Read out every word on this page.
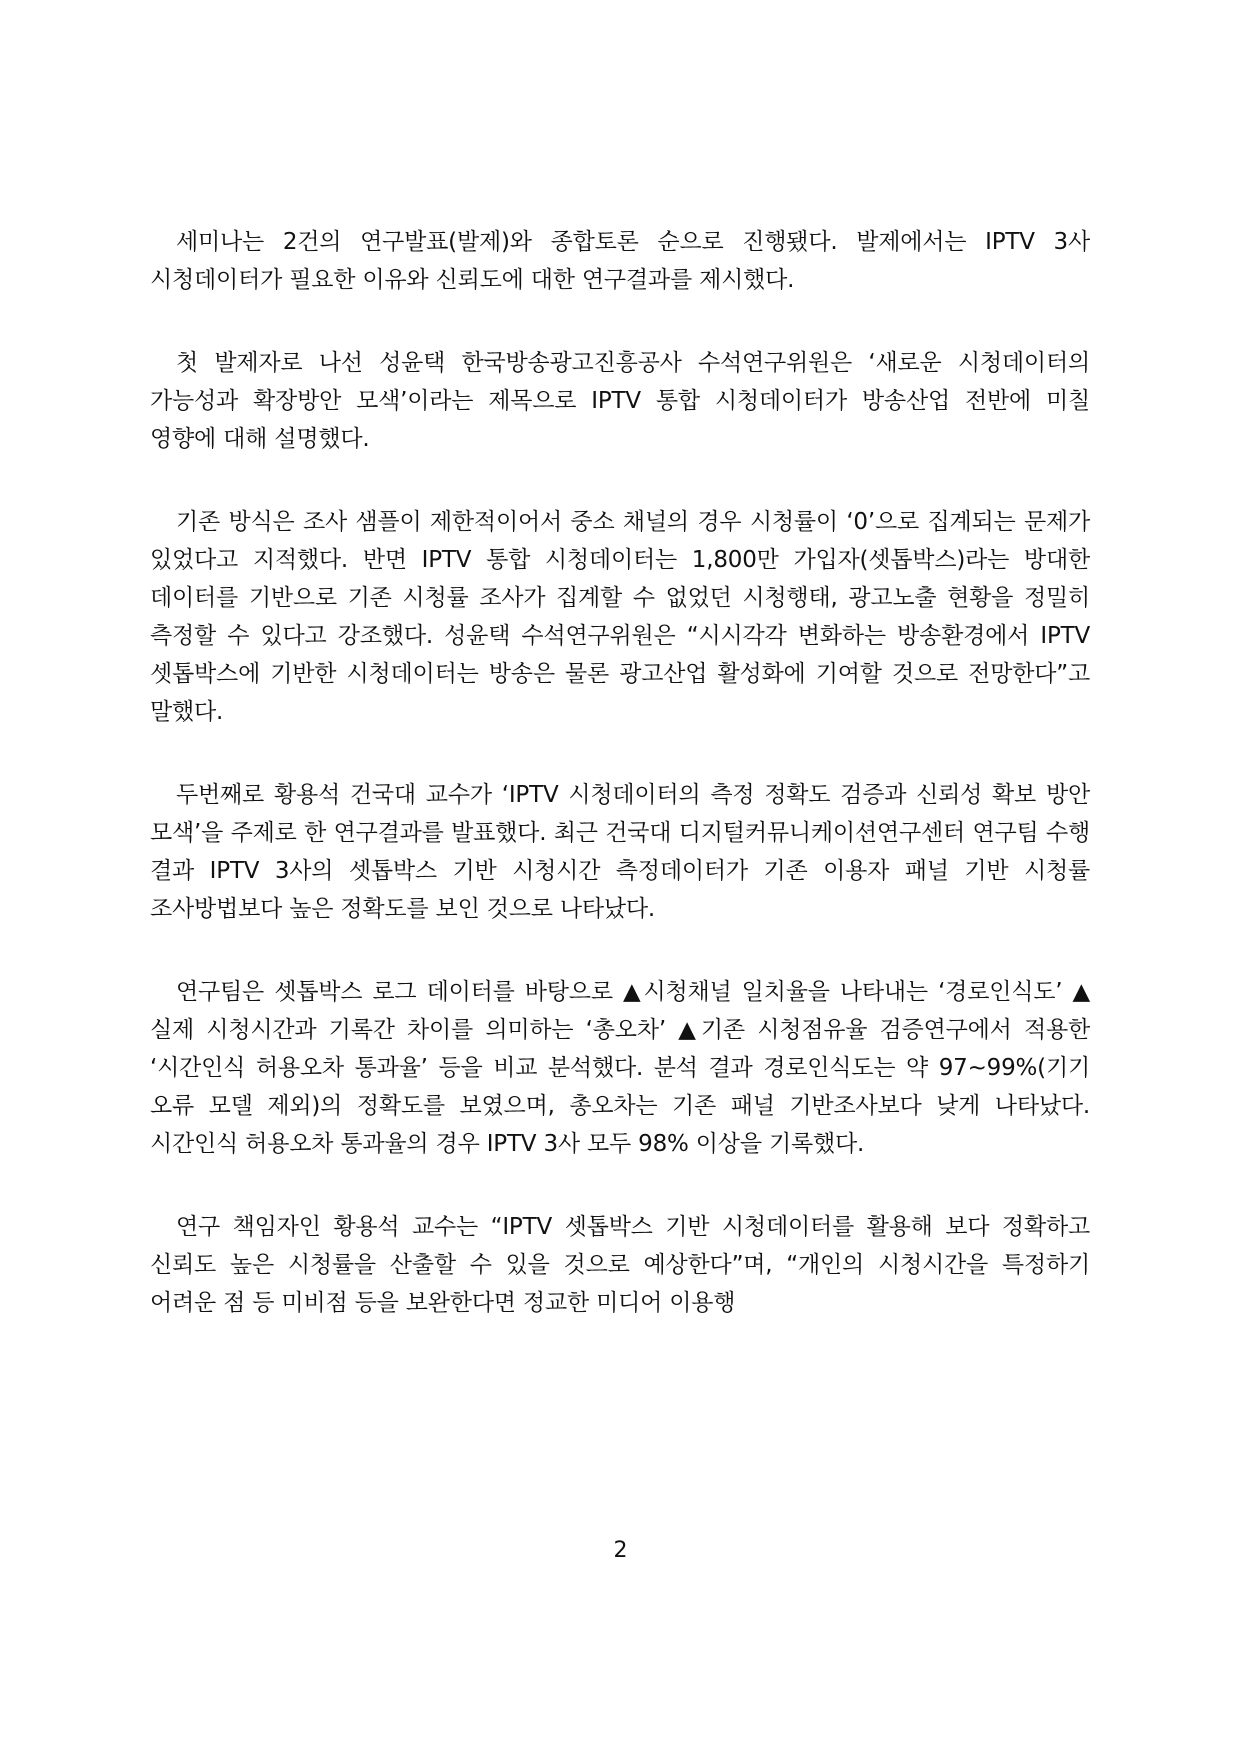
세미나는 2건의 연구발표(발제)와 종합토론 순으로 진행됐다. 발제에서는 IPTV 3사 시청데이터가 필요한 이유와 신뢰도에 대한 연구결과를 제시했다.

첫 발제자로 나선 성윤택 한국방송광고진흥공사 수석연구위원은 ‘새로운 시청데이터의 가능성과 확장방안 모색’이라는 제목으로 IPTV 통합 시청데이터가 방송산업 전반에 미칠 영향에 대해 설명했다.

기존 방식은 조사 샘플이 제한적이어서 중소 채널의 경우 시청률이 ‘0’으로 집계되는 문제가 있었다고 지적했다. 반면 IPTV 통합 시청데이터는 1,800만 가입자(셋톱박스)라는 방대한 데이터를 기반으로 기존 시청률 조사가 집계할 수 없었던 시청행태, 광고노출 현황을 정밀히 측정할 수 있다고 강조했다. 성윤택 수석연구위원은 “시시각각 변화하는 방송환경에서 IPTV 셋톱박스에 기반한 시청데이터는 방송은 물론 광고산업 활성화에 기여할 것으로 전망한다”고 말했다.

두번째로 황용석 건국대 교수가 ‘IPTV 시청데이터의 측정 정확도 검증과 신뢰성 확보 방안 모색’을 주제로 한 연구결과를 발표했다. 최근 건국대 디지털커뮤니케이션연구센터 연구팀 수행 결과 IPTV 3사의 셋톱박스 기반 시청시간 측정데이터가 기존 이용자 패널 기반 시청률 조사방법보다 높은 정확도를 보인 것으로 나타났다.

연구팀은 셋톱박스 로그 데이터를 바탕으로 ▲시청채널 일치율을 나타내는 ‘경로인식도’ ▲실제 시청시간과 기록간 차이를 의미하는 ‘총오차’ ▲기존 시청점유율 검증연구에서 적용한 ‘시간인식 허용오차 통과율’ 등을 비교 분석했다. 분석 결과 경로인식도는 약 97~99%(기기 오류 모델 제외)의 정확도를 보였으며, 총오차는 기존 패널 기반조사보다 낮게 나타났다. 시간인식 허용오차 통과율의 경우 IPTV 3사 모두 98% 이상을 기록했다.

연구 책임자인 황용석 교수는 “IPTV 셋톱박스 기반 시청데이터를 활용해 보다 정확하고 신뢰도 높은 시청률을 산출할 수 있을 것으로 예상한다”며, “개인의 시청시간을 특정하기 어려운 점 등 미비점 등을 보완한다면 정교한 미디어 이용행

2
